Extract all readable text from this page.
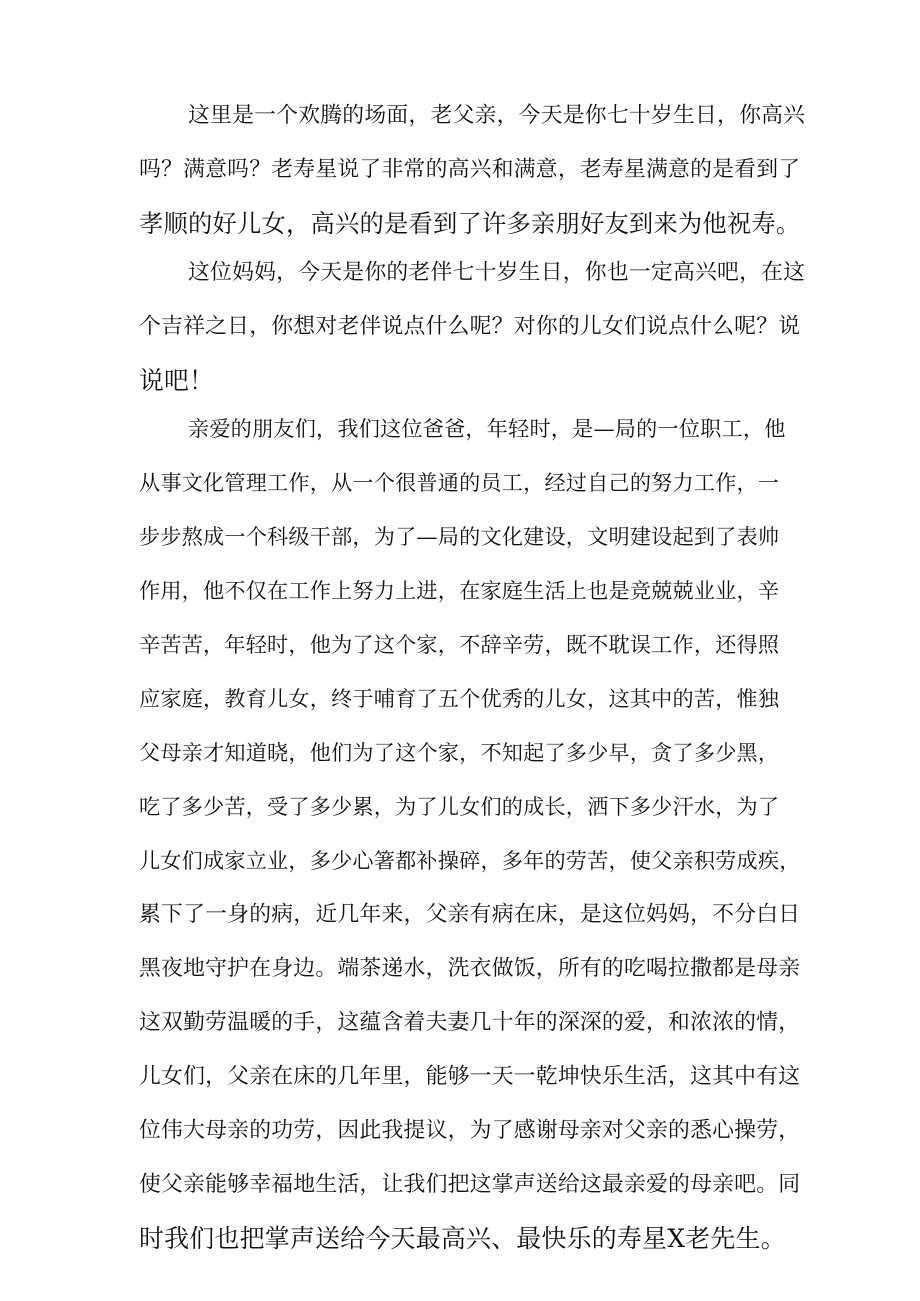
这里是一个欢腾的场面，老父亲，今天是你七十岁生日，你高兴
吗？满意吗？老寿星说了非常的高兴和满意，老寿星满意的是看到了
孝顺的好儿女，高兴的是看到了许多亲朋好友到来为他祝寿。
这位妈妈，今天是你的老伴七十岁生日，你也一定高兴吧，在这
个吉祥之日，你想对老伴说点什么呢？对你的儿女们说点什么呢？说
说吧！
亲爱的朋友们，我们这位爸爸，年轻时，是—局的一位职工，他
从事文化管理工作，从一个很普通的员工，经过自己的努力工作，一
步步熬成一个科级干部，为了—局的文化建设，文明建设起到了表帅
作用，他不仅在工作上努力上进，在家庭生活上也是竞兢兢业业，辛
辛苦苦，年轻时，他为了这个家，不辞辛劳，既不耽误工作，还得照
应家庭，教育儿女，终于哺育了五个优秀的儿女，这其中的苦，惟独
父母亲才知道晓，他们为了这个家，不知起了多少早，贪了多少黑，
吃了多少苦，受了多少累，为了儿女们的成长，洒下多少汗水，为了
儿女们成家立业，多少心箸都补操碎，多年的劳苦，使父亲积劳成疾，
累下了一身的病，近几年来，父亲有病在床，是这位妈妈，不分白日
黑夜地守护在身边。端茶递水，洗衣做饭，所有的吃喝拉撒都是母亲
这双勤劳温暖的手，这蕴含着夫妻几十年的深深的爱，和浓浓的情，
儿女们，父亲在床的几年里，能够一天一乾坤快乐生活，这其中有这
位伟大母亲的功劳，因此我提议，为了感谢母亲对父亲的悉心操劳，
使父亲能够幸福地生活，让我们把这掌声送给这最亲爱的母亲吧。同
时我们也把掌声送给今天最高兴、最快乐的寿星X老先生。
